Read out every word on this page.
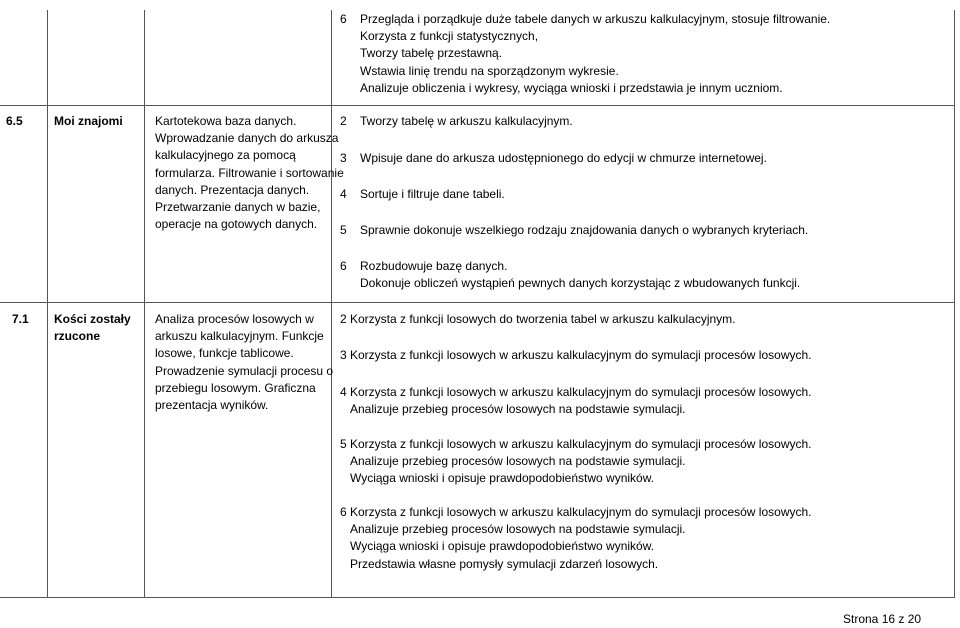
6 Przegląda i porządkuje duże tabele danych w arkuszu kalkulacyjnym, stosuje filtrowanie.
Korzysta z funkcji statystycznych,
Tworzy tabelę przestawną.
Wstawia linię trendu na sporządzonym wykresie.
Analizuje obliczenia i wykresy, wyciąga wnioski i przedstawia je innym uczniom.
6.5	Moi znajomi	Kartotekowa baza danych.
Wprowadzanie danych do arkusza
kalkulacyjnego za pomocą
formularza. Filtrowanie i sortowanie
danych. Prezentacja danych.
Przetwarzanie danych w bazie,
operacje na gotowych danych.
2 Tworzy tabelę w arkuszu kalkulacyjnym.
3 Wpisuje dane do arkusza udostępnionego do edycji w chmurze internetowej.
4 Sortuje i filtruje dane tabeli.
5 Sprawnie dokonuje wszelkiego rodzaju znajdowania danych o wybranych kryteriach.
6 Rozbudowuje bazę danych.
Dokonuje obliczeń wystąpień pewnych danych korzystając z wbudowanych funkcji.
7.1 Kości zostały
rzucone
Analiza procesów losowych w
arkuszu kalkulacyjnym. Funkcje
losowe, funkcje tablicowe.
Prowadzenie symulacji procesu o
przebiegu losowym. Graficzna
prezentacja wyników.
2 Korzysta z funkcji losowych do tworzenia tabel w arkuszu kalkulacyjnym.
3 Korzysta z funkcji losowych w arkuszu kalkulacyjnym do symulacji procesów losowych.
4 Korzysta z funkcji losowych w arkuszu kalkulacyjnym do symulacji procesów losowych.
Analizuje przebieg procesów losowych na podstawie symulacji.
5 Korzysta z funkcji losowych w arkuszu kalkulacyjnym do symulacji procesów losowych.
Analizuje przebieg procesów losowych na podstawie symulacji.
Wyciąga wnioski i opisuje prawdopodobieństwo wyników.
6 Korzysta z funkcji losowych w arkuszu kalkulacyjnym do symulacji procesów losowych.
Analizuje przebieg procesów losowych na podstawie symulacji.
Wyciąga wnioski i opisuje prawdopodobieństwo wyników.
Przedstawia własne pomysły symulacji zdarzeń losowych.
Strona 16 z 20
